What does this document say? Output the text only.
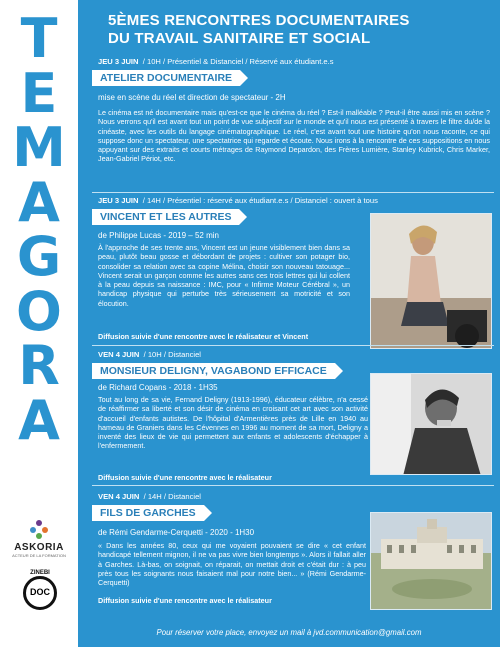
T
E
M
A
G
O
R
A
ASKORIA
ACTEUR DE LA FORMATION
ZINEBI
DOC
5ÈMES RENCONTRES DOCUMENTAIRES
DU TRAVAIL SANITAIRE ET SOCIAL
JEU 3 JUIN / 10H / Présentiel & Distanciel / Réservé aux étudiant.e.s
ATELIER DOCUMENTAIRE
mise en scène du réel et direction de spectateur - 2H
Le cinéma est né documentaire mais qu'est-ce que le cinéma du réel ? Est-il malléable ? Peut-il être aussi mis en scène ? Nous verrons qu'il est avant tout un point de vue subjectif sur le monde et qu'il nous est présenté à travers le filtre du/de la cinéaste, avec les outils du langage cinématographique. Le réel, c'est avant tout une histoire qu'on nous raconte, ce qui suppose donc un spectateur, une spectatrice qui regarde et écoute. Nous irons à la rencontre de ces suppositions en nous appuyant sur des extraits et courts métrages de Raymond Depardon, des Frères Lumière, Stanley Kubrick, Chris Marker, Jean-Gabriel Périot, etc.
JEU 3 JUIN / 14H / Présentiel : réservé aux étudiant.e.s / Distanciel : ouvert à tous
VINCENT ET LES AUTRES
de Philippe Lucas - 2019 – 52 min
À l'approche de ses trente ans, Vincent est un jeune visiblement bien dans sa peau, plutôt beau gosse et débordant de projets : cultiver son potager bio, consolider sa relation avec sa copine Mélina, choisir son nouveau tatouage... Vincent serait un garçon comme les autres sans ces trois lettres qui lui collent à la peau depuis sa naissance : IMC, pour « Infirme Moteur Cérébral », un handicap physique qui perturbe très sérieusement sa motricité et son élocution.
Diffusion suivie d'une rencontre avec le réalisateur et Vincent
VEN 4 JUIN / 10H / Distanciel
MONSIEUR DELIGNY, VAGABOND EFFICACE
de Richard Copans - 2018 - 1H35
Tout au long de sa vie, Fernand Deligny (1913-1996), éducateur célèbre, n'a cessé de réaffirmer sa liberté et son désir de cinéma en croisant cet art avec son activité d'accueil d'enfants autistes. De l'hôpital d'Armentières près de Lille en 1940 au hameau de Graniers dans les Cévennes en 1996 au moment de sa mort, Deligny a inventé des lieux de vie qui permettent aux enfants et adolescents d'échapper à l'enfermement.
Diffusion suivie d'une rencontre avec le réalisateur
VEN 4 JUIN / 14H / Distanciel
FILS DE GARCHES
de Rémi Gendarme-Cerquetti - 2020 - 1H30
« Dans les années 80, ceux qui me voyaient pouvaient se dire « cet enfant handicapé tellement mignon, il ne va pas vivre bien longtemps ». Alors il fallait aller à Garches. Là-bas, on soignait, on réparait, on mettait droit et c'était dur : à peu près tous les soignants nous faisaient mal pour notre bien... » (Rémi Gendarme-Cerquetti)
Diffusion suivie d'une rencontre avec le réalisateur
Pour réserver votre place, envoyez un mail à jvd.communication@gmail.com
